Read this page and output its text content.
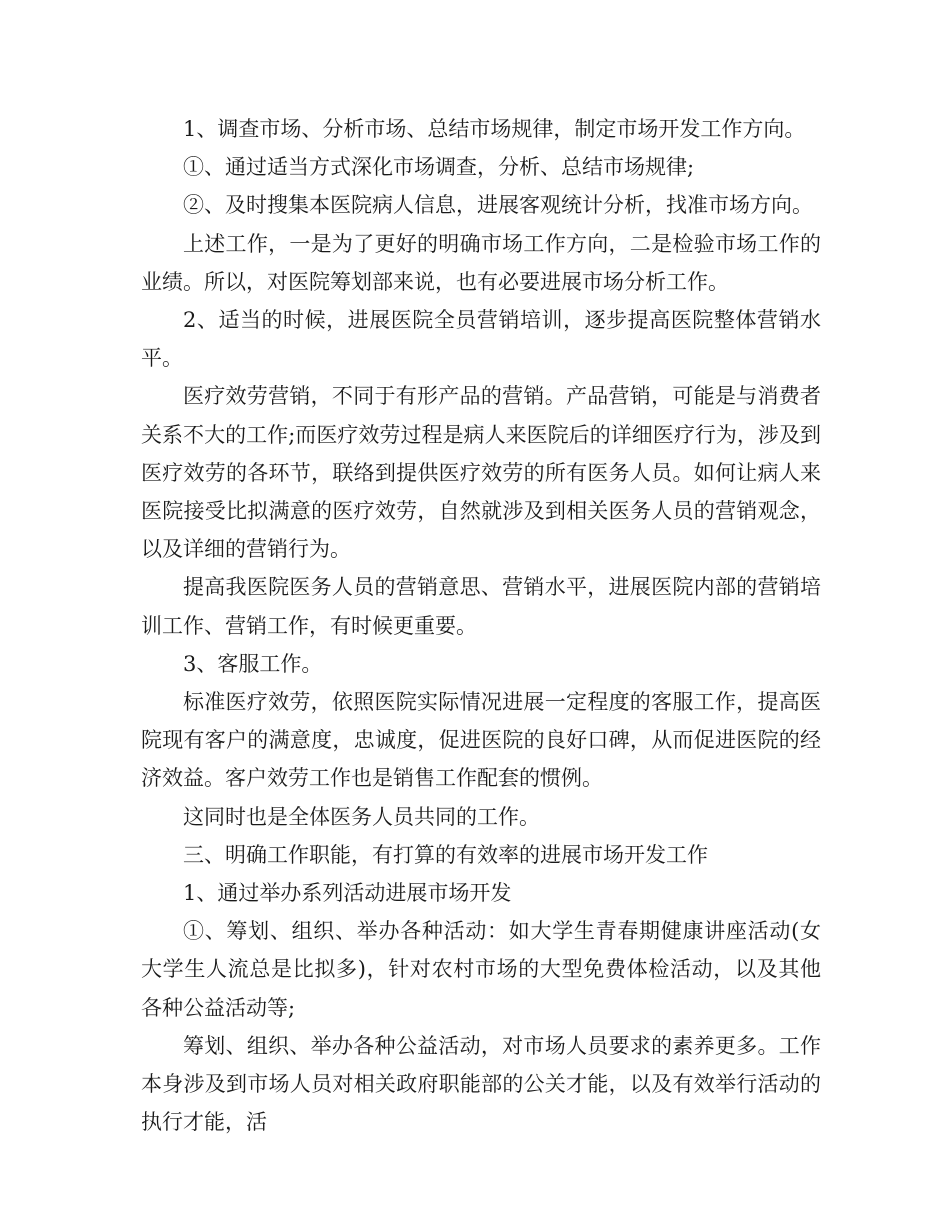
1、调查市场、分析市场、总结市场规律，制定市场开发工作方向。

①、通过适当方式深化市场调查，分析、总结市场规律;

②、及时搜集本医院病人信息，进展客观统计分析，找准市场方向。

上述工作，一是为了更好的明确市场工作方向，二是检验市场工作的业绩。所以，对医院筹划部来说，也有必要进展市场分析工作。

2、适当的时候，进展医院全员营销培训，逐步提高医院整体营销水平。

医疗效劳营销，不同于有形产品的营销。产品营销，可能是与消费者关系不大的工作;而医疗效劳过程是病人来医院后的详细医疗行为，涉及到医疗效劳的各环节，联络到提供医疗效劳的所有医务人员。如何让病人来医院接受比拟满意的医疗效劳，自然就涉及到相关医务人员的营销观念，以及详细的营销行为。

提高我医院医务人员的营销意思、营销水平，进展医院内部的营销培训工作、营销工作，有时候更重要。

3、客服工作。

标准医疗效劳，依照医院实际情况进展一定程度的客服工作，提高医院现有客户的满意度，忠诚度，促进医院的良好口碑，从而促进医院的经济效益。客户效劳工作也是销售工作配套的惯例。

这同时也是全体医务人员共同的工作。

三、明确工作职能，有打算的有效率的进展市场开发工作

1、通过举办系列活动进展市场开发

①、筹划、组织、举办各种活动：如大学生青春期健康讲座活动(女大学生人流总是比拟多)，针对农村市场的大型免费体检活动，以及其他各种公益活动等;

筹划、组织、举办各种公益活动，对市场人员要求的素养更多。工作本身涉及到市场人员对相关政府职能部的公关才能，以及有效举行活动的执行才能，活
